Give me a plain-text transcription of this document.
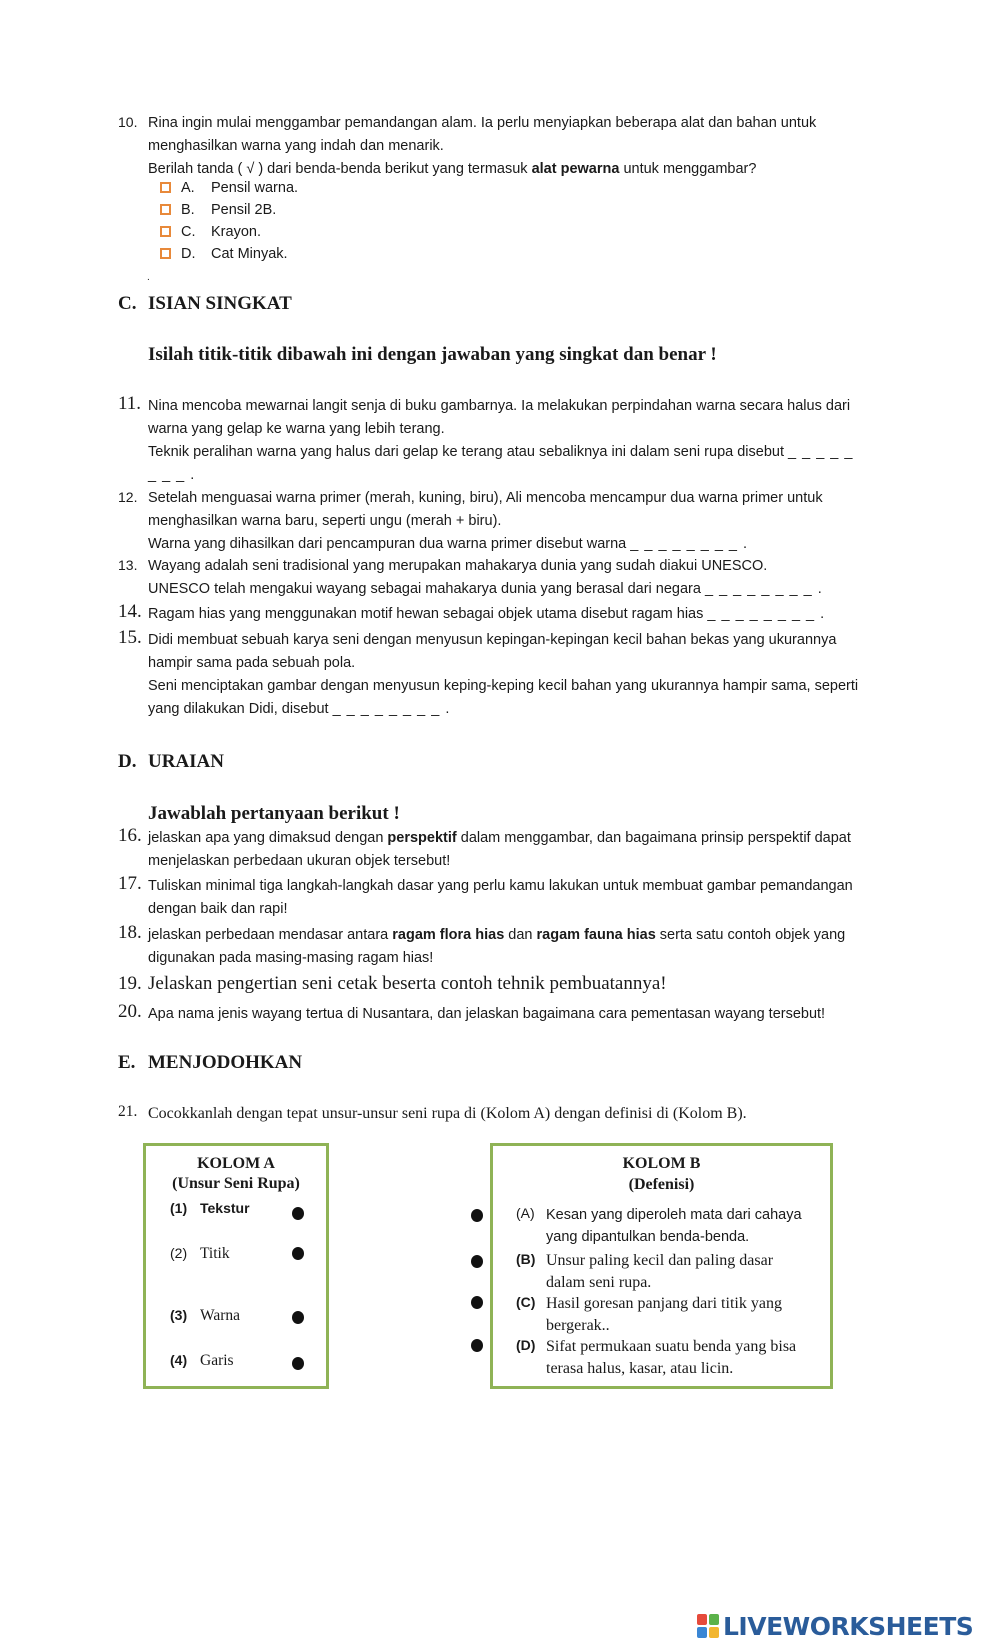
10. Rina ingin mulai menggambar pemandangan alam. Ia perlu menyiapkan beberapa alat dan bahan untuk
menghasilkan warna yang indah dan menarik.
Berilah tanda ( √ ) dari benda-benda berikut yang termasuk alat pewarna untuk menggambar?
A. Pensil warna.
B. Pensil 2B.
C. Krayon.
D. Cat Minyak.
.
C. ISIAN SINGKAT
Isilah titik-titik dibawah ini dengan jawaban yang singkat dan benar !
11. Nina mencoba mewarnai langit senja di buku gambarnya. Ia melakukan perpindahan warna secara halus dari
warna yang gelap ke warna yang lebih terang.
Teknik peralihan warna yang halus dari gelap ke terang atau sebaliknya ini dalam seni rupa disebut _ _ _ _ _
_ _ _ .
12. Setelah menguasai warna primer (merah, kuning, biru), Ali mencoba mencampur dua warna primer untuk
menghasilkan warna baru, seperti ungu (merah + biru).
Warna yang dihasilkan dari pencampuran dua warna primer disebut warna _ _ _ _ _ _ _ _ .
13. Wayang adalah seni tradisional yang merupakan mahakarya dunia yang sudah diakui UNESCO.
UNESCO telah mengakui wayang sebagai mahakarya dunia yang berasal dari negara _ _ _ _ _ _ _ _ .
14. Ragam hias yang menggunakan motif hewan sebagai objek utama disebut ragam hias _ _ _ _ _ _ _ _ .
15. Didi membuat sebuah karya seni dengan menyusun kepingan-kepingan kecil bahan bekas yang ukurannya
hampir sama pada sebuah pola.
Seni menciptakan gambar dengan menyusun keping-keping kecil bahan yang ukurannya hampir sama, seperti
yang dilakukan Didi, disebut _ _ _ _ _ _ _ _ .
D. URAIAN
Jawablah pertanyaan berikut !
16. jelaskan apa yang dimaksud dengan perspektif dalam menggambar, dan bagaimana prinsip perspektif dapat
menjelaskan perbedaan ukuran objek tersebut!
17. Tuliskan minimal tiga langkah-langkah dasar yang perlu kamu lakukan untuk membuat gambar pemandangan
dengan baik dan rapi!
18. jelaskan perbedaan mendasar antara ragam flora hias dan ragam fauna hias serta satu contoh objek yang
digunakan pada masing-masing ragam hias!
19. Jelaskan pengertian seni cetak beserta contoh tehnik pembuatannya!
20. Apa nama jenis wayang tertua di Nusantara, dan jelaskan bagaimana cara pementasan wayang tersebut!
E. MENJODOHKAN
21. Cocokkanlah dengan tepat unsur-unsur seni rupa di (Kolom A) dengan definisi di (Kolom B).
KOLOM A
(Unsur Seni Rupa)
(1) Tekstur
(2) Titik
(3) Warna
(4) Garis
KOLOM B
(Defenisi)
(A) Kesan yang diperoleh mata dari cahaya
yang dipantulkan benda-benda.
(B) Unsur paling kecil dan paling dasar
dalam seni rupa.
(C) Hasil goresan panjang dari titik yang
bergerak..
(D) Sifat permukaan suatu benda yang bisa
terasa halus, kasar, atau licin.
LIVEWORKSHEETS
